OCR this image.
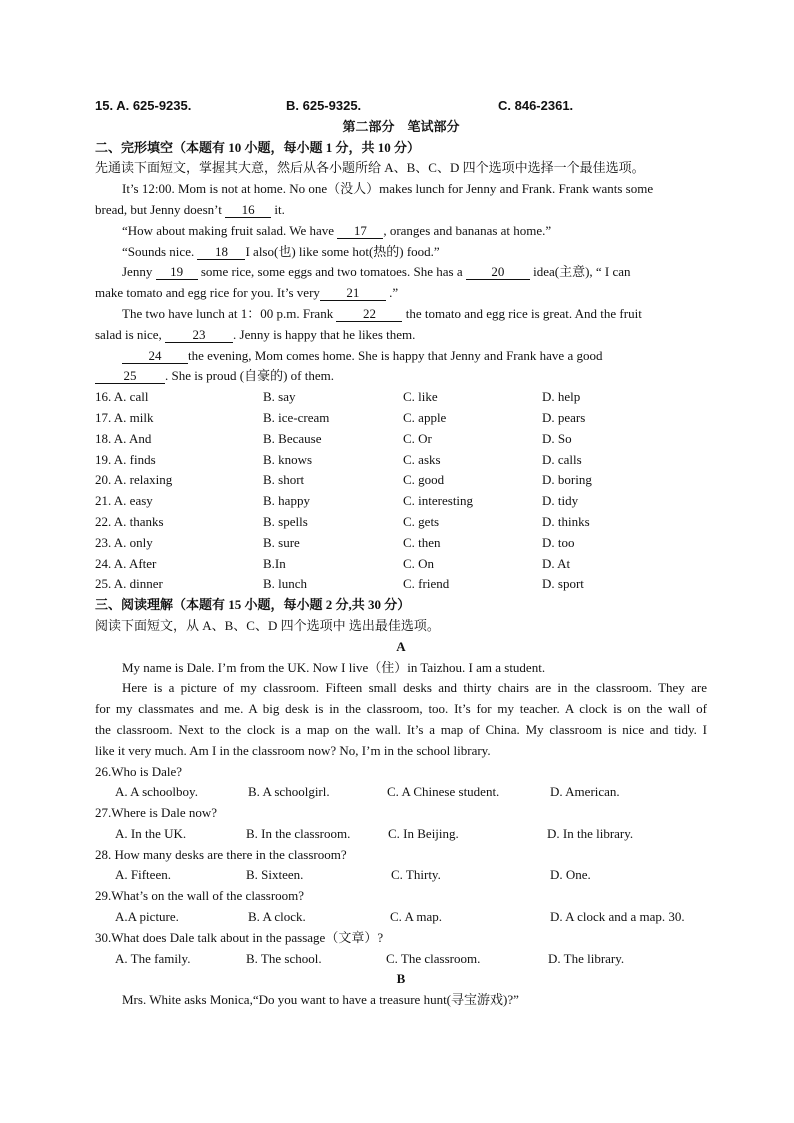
15. A. 625-9235.	B. 625-9325.	C. 846-2361.
第二部分　笔试部分
二、完形填空（本题有 10 小题，每小题 1 分，共 10 分）
先通读下面短文，掌握其大意，然后从各小题所给 A、B、C、D 四个选项中选择一个最佳选项。
It’s 12:00. Mom is not at home. No one（没人）makes lunch for Jenny and Frank. Frank wants some
bread, but Jenny doesn’t 16 it.
“How about making fruit salad. We have 17 , oranges and bananas at home.”
“Sounds nice. 18 I also(也) like some hot(热的) food.”
Jenny 19 some rice, some eggs and two tomatoes. She has a 20 idea(主意), “ I can
make tomato and egg rice for you. It’s very 21 .”
The two have lunch at 1：00 p.m. Frank 22 the tomato and egg rice is great. And the fruit
salad is nice, 23 . Jenny is happy that he likes them.
24 the evening, Mom comes home. She is happy that Jenny and Frank have a good
25 . She is proud (自豪的) of them.
16. A. call	B. say	C. like	D. help
17. A. milk	B. ice-cream	C. apple	D. pears
18. A. And	B. Because	C. Or	D. So
19. A. finds	B. knows	C. asks	D. calls
20. A. relaxing	B. short	C. good	D. boring
21. A. easy	B. happy	C. interesting	D. tidy
22. A. thanks	B. spells	C. gets	D. thinks
23. A. only	B. sure	C. then	D. too
24. A. After	B.In	C. On	D. At
25. A. dinner	B. lunch	C. friend	D. sport
三、阅读理解（本题有 15 小题，每小题 2 分,共 30 分）
阅读下面短文，从 A、B、C、D 四个选项中 选出最佳选项。
A
My name is Dale. I’m from the UK. Now I live（住）in Taizhou. I am a student.
Here is a picture of my classroom. Fifteen small desks and thirty chairs are in the classroom. They are
for my classmates and me. A big desk is in the classroom, too. It’s for my teacher. A clock is on the wall of
the classroom. Next to the clock is a map on the wall. It’s a map of China. My classroom is nice and tidy. I
like it very much. Am I in the classroom now? No, I’m in the school library.
26.Who is Dale?
A. A schoolboy.	B. A schoolgirl.	C. A Chinese student.	D. American.
27.Where is Dale now?
A. In the UK.	B. In the classroom.	C. In Beijing.	D. In the library.
28. How many desks are there in the classroom?
A. Fifteen.	B. Sixteen.	C. Thirty.	D. One.
29.What’s on the wall of the classroom?
A.A picture.	B. A clock.	C. A map.	D. A clock and a map. 30.
30.What does Dale talk about in the passage（文章）?
A. The family.	B. The school.	C. The classroom.	D. The library.
B
Mrs. White asks Monica,“Do you want to have a treasure hunt(寻宝游戏)?”
